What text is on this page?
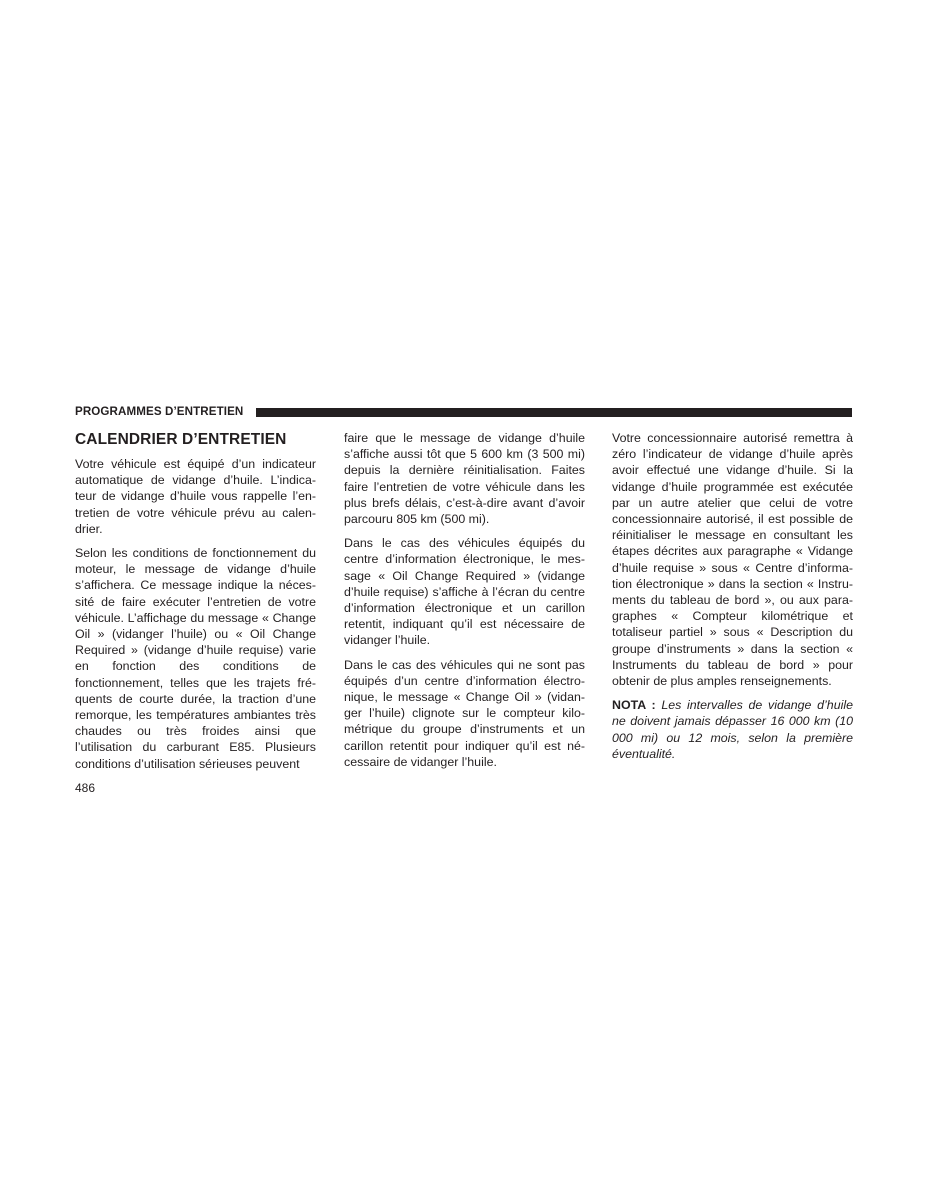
PROGRAMMES D’ENTRETIEN
CALENDRIER D’ENTRETIEN

Votre véhicule est équipé d’un indicateur automatique de vidange d’huile. L’indicateur de vidange d’huile vous rappelle l’entretien de votre véhicule prévu au calendrier.

Selon les conditions de fonctionnement du moteur, le message de vidange d’huile s’affichera. Ce message indique la nécessité de faire exécuter l’entretien de votre véhicule. L’affichage du message « Change Oil » (vidanger l’huile) ou « Oil Change Required » (vidange d’huile requise) varie en fonction des conditions de fonctionnement, telles que les trajets fréquents de courte durée, la traction d’une remorque, les températures ambiantes très chaudes ou très froides ainsi que l’utilisation du carburant E85. Plusieurs conditions d’utilisation sérieuses peuvent

faire que le message de vidange d’huile s’affiche aussi tôt que 5 600 km (3 500 mi) depuis la dernière réinitialisation. Faites faire l’entretien de votre véhicule dans les plus brefs délais, c’est-à-dire avant d’avoir parcouru 805 km (500 mi).

Dans le cas des véhicules équipés du centre d’information électronique, le message « Oil Change Required » (vidange d’huile requise) s’affiche à l’écran du centre d’information électronique et un carillon retentit, indiquant qu’il est nécessaire de vidanger l’huile.

Dans le cas des véhicules qui ne sont pas équipés d’un centre d’information électronique, le message « Change Oil » (vidanger l’huile) clignote sur le compteur kilométrique du groupe d’instruments et un carillon retentit pour indiquer qu’il est nécessaire de vidanger l’huile.

Votre concessionnaire autorisé remettra à zéro l’indicateur de vidange d’huile après avoir effectué une vidange d’huile. Si la vidange d’huile programmée est exécutée par un autre atelier que celui de votre concessionnaire autorisé, il est possible de réinitialiser le message en consultant les étapes décrites aux paragraphe « Vidange d’huile requise » sous « Centre d’information électronique » dans la section « Instruments du tableau de bord », ou aux paragraphes « Compteur kilométrique et totaliseur partiel » sous « Description du groupe d’instruments » dans la section « Instruments du tableau de bord » pour obtenir de plus amples renseignements.

NOTA : Les intervalles de vidange d’huile ne doivent jamais dépasser 16 000 km (10 000 mi) ou 12 mois, selon la première éventualité.

486
